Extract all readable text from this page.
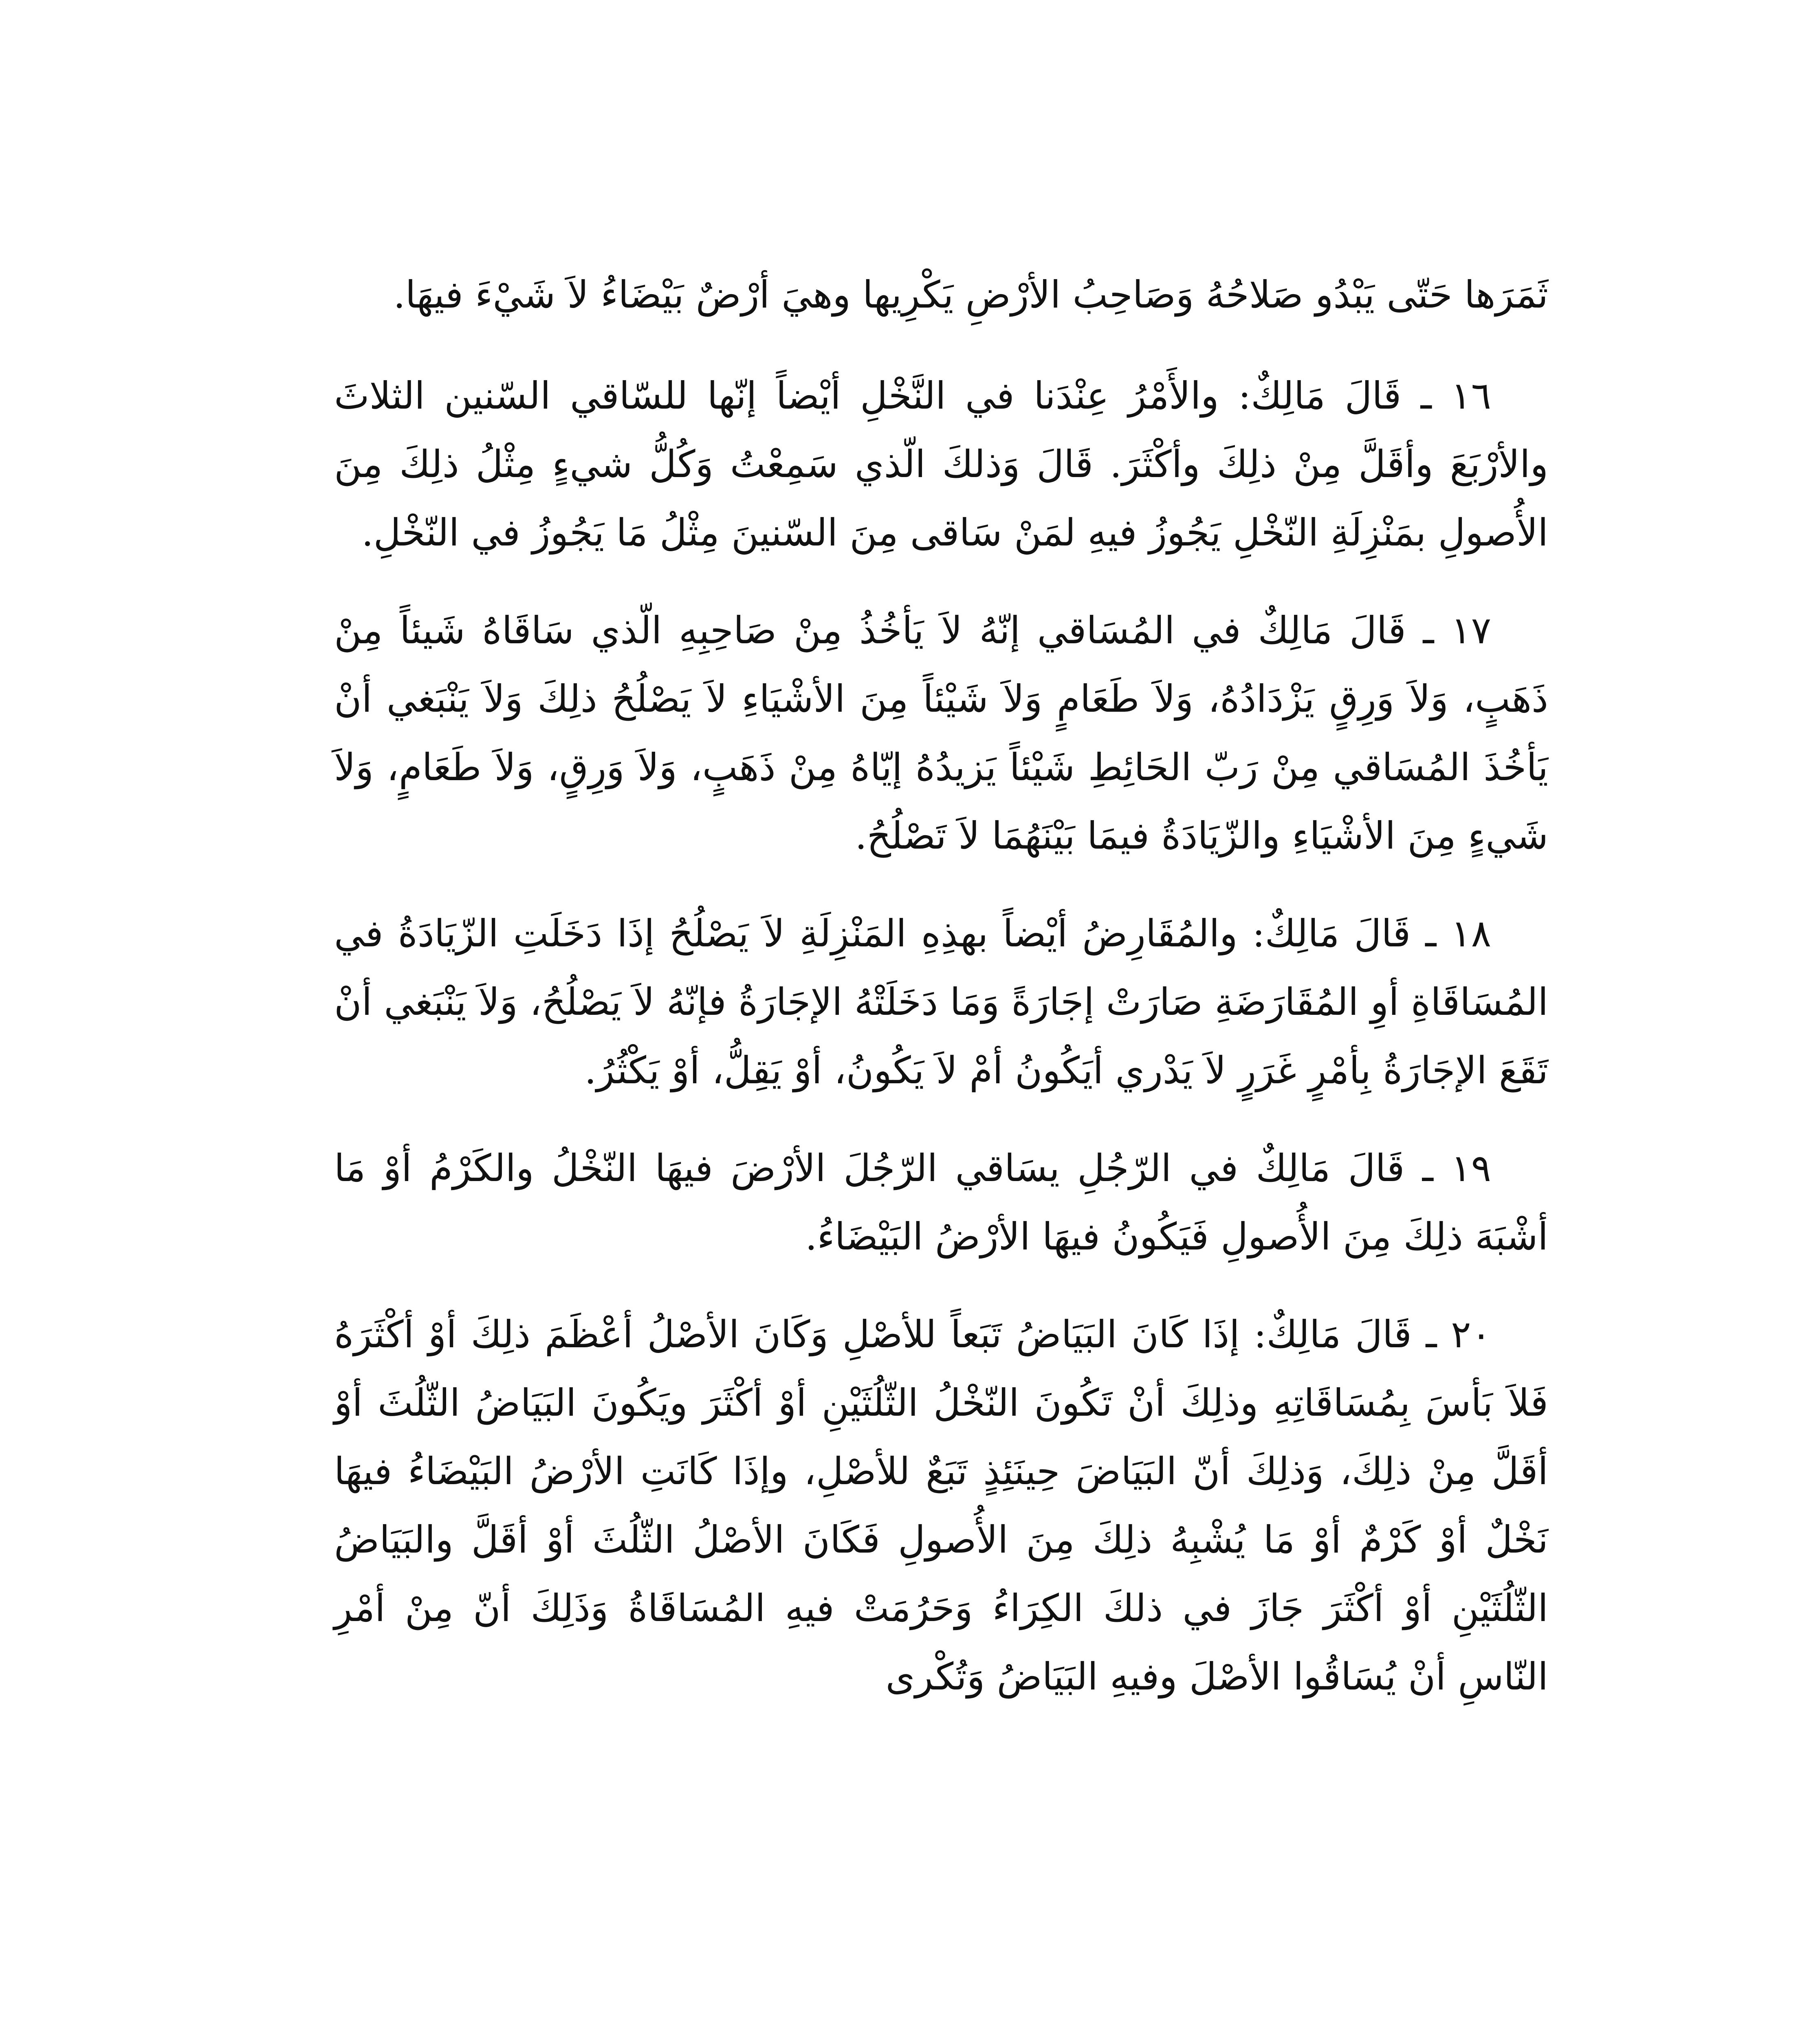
ثَمَرَها حَتّى يَبْدُو صَلاحُهُ وَصَاحِبُ الأرْضِ يَكْرِيها وهيَ أرْضٌ بَيْضَاءُ لاَ شَيْءَ فيهَا.

١٦ ـ قَالَ مَالِكٌ: والأَمْرُ عِنْدَنا في النَّخْلِ أيْضاً إنّها للسّاقي السّنين الثلاثَ والأرْبَعَ وأقَلَّ مِنْ ذلِكَ وأكْثَرَ. قَالَ وَذلكَ الّذي سَمِعْتُ وَكُلُّ شيءٍ مِثْلُ ذلِكَ مِنَ الأُصولِ بمَنْزِلَةِ النّخْلِ يَجُوزُ فيهِ لمَنْ سَاقى مِنَ السّنينَ مِثْلُ مَا يَجُوزُ في النّخْلِ.

١٧ ـ قَالَ مَالِكٌ في المُسَاقي إنّهُ لاَ يَأخُذُ مِنْ صَاحِبِهِ الّذي سَاقَاهُ شَيئاً مِنْ ذَهَبٍ، وَلاَ وَرِقٍ يَزْدَادُهُ، وَلاَ طَعَامٍ وَلاَ شَيْئاً مِنَ الأشْيَاءِ لاَ يَصْلُحُ ذلِكَ وَلاَ يَنْبَغي أنْ يَأخُذَ المُسَاقي مِنْ رَبّ الحَائِطِ شَيْئاً يَزيدُهُ إيّاهُ مِنْ ذَهَبٍ، وَلاَ وَرِقٍ، وَلاَ طَعَامٍ، وَلاَ شَيءٍ مِنَ الأشْيَاءِ والزّيَادَةُ فيمَا بَيْنَهُمَا لاَ تَصْلُحُ.

١٨ ـ قَالَ مَالِكٌ: والمُقَارِضُ أيْضاً بهذِهِ المَنْزِلَةِ لاَ يَصْلُحُ إذَا دَخَلَتِ الزّيَادَةُ في المُسَاقَاةِ أوِ المُقَارَضَةِ صَارَتْ إجَارَةً وَمَا دَخَلَتْهُ الإجَارَةُ فإنّهُ لاَ يَصْلُحُ، وَلاَ يَنْبَغي أنْ تَقَعَ الإجَارَةُ بِأمْرٍ غَرَرٍ لاَ يَدْري أيَكُونُ أمْ لاَ يَكُونُ، أوْ يَقِلُّ، أوْ يَكْثُرُ.

١٩ ـ قَالَ مَالِكٌ في الرّجُلِ يسَاقي الرّجُلَ الأرْضَ فيهَا النّخْلُ والكَرْمُ أوْ مَا أشْبَهَ ذلِكَ مِنَ الأُصولِ فَيَكُونُ فيهَا الأرْضُ البَيْضَاءُ.

٢٠ ـ قَالَ مَالِكٌ: إذَا كَانَ البَيَاضُ تَبَعاً للأصْلِ وَكَانَ الأصْلُ أعْظَمَ ذلِكَ أوْ أكْثَرَهُ فَلاَ بَأسَ بِمُسَاقَاتِهِ وذلِكَ أنْ تَكُونَ النّخْلُ الثّلُثَيْنِ أوْ أكْثَرَ ويَكُونَ البَيَاضُ الثّلُثَ أوْ أقَلَّ مِنْ ذلِكَ، وَذلِكَ أنّ البَيَاضَ حِينَئِذٍ تَبَعٌ للأصْلِ، وإذَا كَانَتِ الأرْضُ البَيْضَاءُ فيهَا نَخْلٌ أوْ كَرْمٌ أوْ مَا يُشْبِهُ ذلِكَ مِنَ الأُصولِ فَكَانَ الأصْلُ الثّلُثَ أوْ أقَلَّ والبَيَاضُ الثّلُثَيْنِ أوْ أكْثَرَ جَازَ في ذلكَ الكِرَاءُ وَحَرُمَتْ فيهِ المُسَاقَاةُ وَذَلِكَ أنّ مِنْ أمْرِ النّاسِ أنْ يُسَاقُوا الأصْلَ وفيهِ البَيَاضُ وَتُكْرى
